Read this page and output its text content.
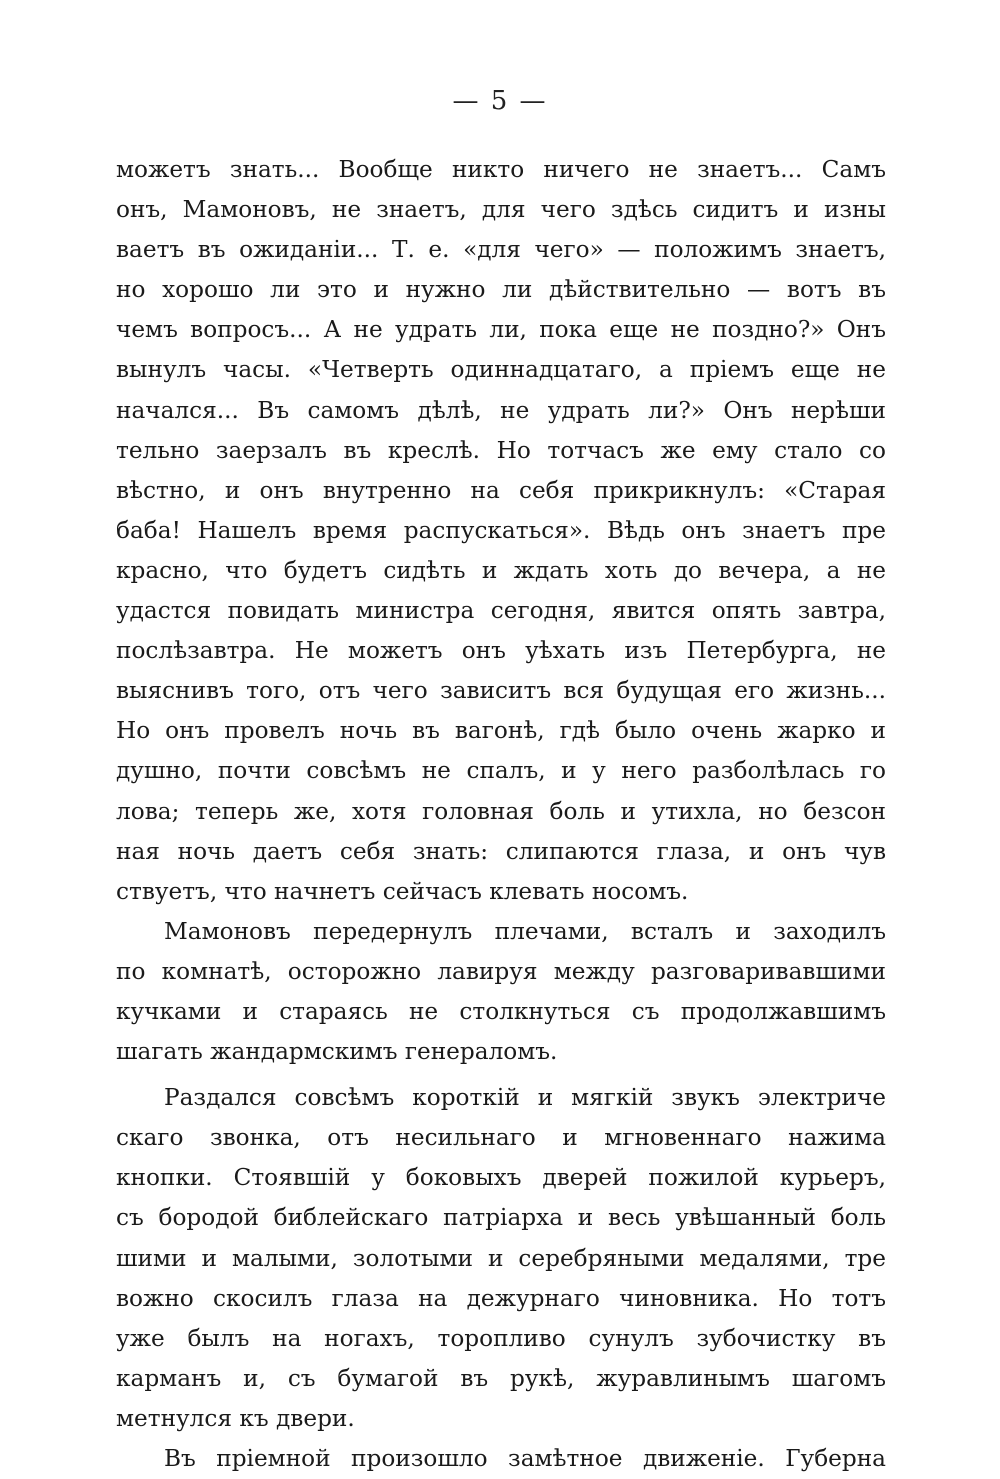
— 5 —
можетъ знать... Вообще никто ничего не знаетъ... Самъ
онъ, Мамоновъ, не знаетъ, для чего здѣсь сидитъ и изны
ваетъ въ ожиданіи... Т. е. «для чего» — положимъ знаетъ,
но хорошо ли это и нужно ли дѣйствительно — вотъ въ
чемъ вопросъ... А не удрать ли, пока еще не поздно?» Онъ
вынулъ часы. «Четверть одиннадцатаго, а пріемъ еще не
начался... Въ самомъ дѣлѣ, не удрать ли?» Онъ нерѣши
тельно заерзалъ въ креслѣ. Но тотчасъ же ему стало со
вѣстно, и онъ внутренно на себя прикрикнулъ: «Старая
баба! Нашелъ время распускаться». Вѣдь онъ знаетъ пре
красно, что будетъ сидѣть и ждать хоть до вечера, а не
удастся повидать министра сегодня, явится опять завтра,
послѣзавтра. Не можетъ онъ уѣхать изъ Петербурга, не
выяснивъ того, отъ чего зависитъ вся будущая его жизнь...
Но онъ провелъ ночь въ вагонѣ, гдѣ было очень жарко и
душно, почти совсѣмъ не спалъ, и у него разболѣлась го
лова; теперь же, хотя головная боль и утихла, но безсон
ная ночь даетъ себя знать: слипаются глаза, и онъ чув
ствуетъ, что начнетъ сейчасъ клевать носомъ.
Мамоновъ передернулъ плечами, всталъ и заходилъ
по комнатѣ, осторожно лавируя между разговаривавшими
кучками и стараясь не столкнуться съ продолжавшимъ
шагать жандармскимъ генераломъ.
Раздался совсѣмъ короткій и мягкій звукъ электриче
скаго звонка, отъ несильнаго и мгновеннаго нажима
кнопки. Стоявшій у боковыхъ дверей пожилой курьеръ,
съ бородой библейскаго патріарха и весь увѣшанный боль
шими и малыми, золотыми и серебряными медалями, тре
вожно скосилъ глаза на дежурнаго чиновника. Но тотъ
уже былъ на ногахъ, торопливо сунулъ зубочистку въ
карманъ и, съ бумагой въ рукѣ, журавлинымъ шагомъ
метнулся къ двери.
Въ пріемной произошло замѣтное движеніе. Губерна
